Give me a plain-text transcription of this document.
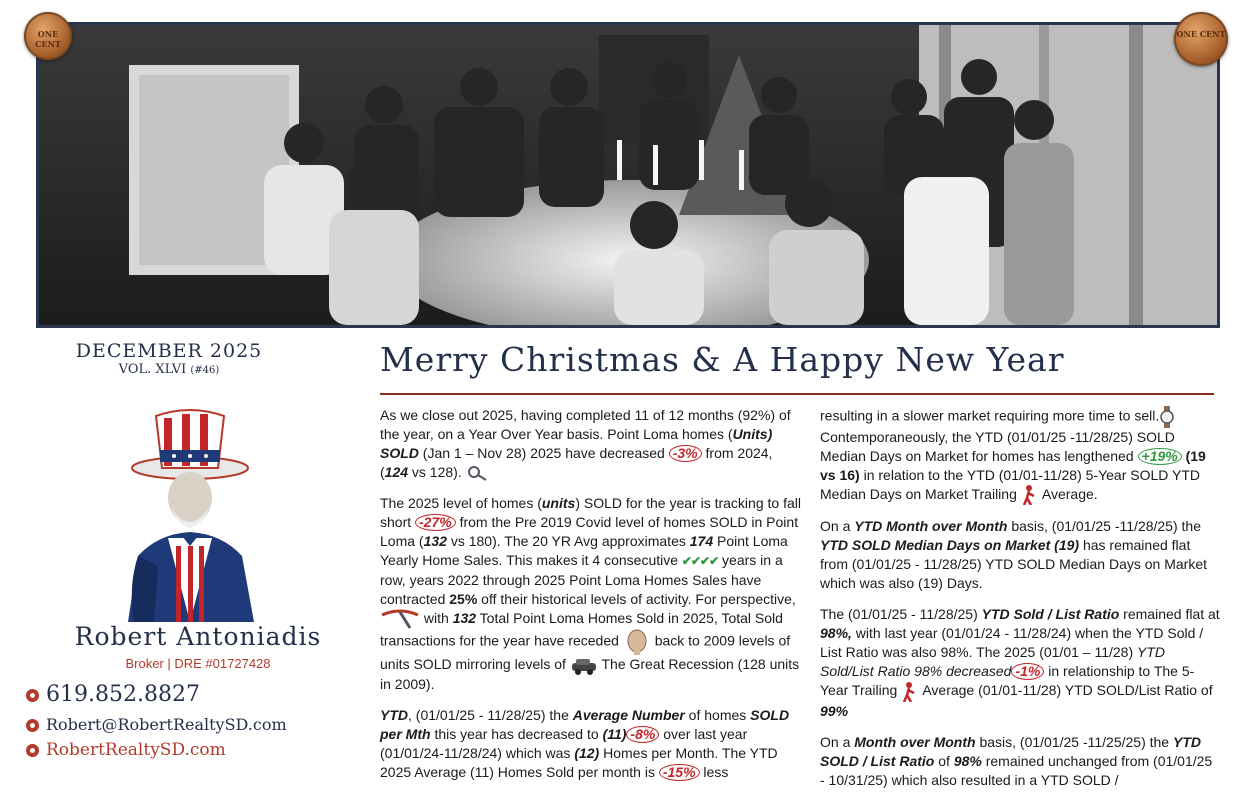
ONE CENT
ONE CENT
DECEMBER 2025
VOL. XLVI (#46)
Robert Antoniadis
Broker | DRE #01727428
619.852.8827
Robert@RobertRealtySD.com
RobertRealtySD.com
Merry Christmas & A Happy New Year

As we close out 2025, having completed 11 of 12 months (92%) of the year, on a Year Over Year basis. Point Loma homes (Units) SOLD (Jan 1 – Nov 28) 2025 have decreased -3% from 2024, (124 vs 128).

The 2025 level of homes (units) SOLD for the year is tracking to fall short -27% from the Pre 2019 Covid level of homes SOLD in Point Loma (132 vs 180). The 20 YR Avg approximates 174 Point Loma Yearly Home Sales. This makes it 4 consecutive ✔✔✔✔ years in a row, years 2022 through 2025 Point Loma Homes Sales have contracted 25% off their historical levels of activity. For perspective,  with 132 Total Point Loma Homes Sold in 2025, Total Sold transactions for the year have receded  back to 2009 levels of units SOLD mirroring levels of  The Great Recession (128 units in 2009).

YTD, (01/01/25 - 11/28/25) the Average Number of homes SOLD per Mth this year has decreased to (11) -8% over last year (01/01/24-11/28/24) which was (12) Homes per Month. The YTD 2025 Average (11) Homes Sold per month is -15% less

resulting in a slower market requiring more time to sell. Contemporaneously, the YTD (01/01/25 -11/28/25) SOLD Median Days on Market for homes has lengthened +19% (19 vs 16) in relation to the YTD (01/01-11/28) 5-Year SOLD YTD Median Days on Market Trailing  Average.

On a YTD Month over Month basis, (01/01/25 -11/28/25) the YTD SOLD Median Days on Market (19) has remained flat from (01/01/25 - 11/28/25) YTD SOLD Median Days on Market which was also (19) Days.

The (01/01/25 - 11/28/25) YTD Sold / List Ratio remained flat at 98%, with last year (01/01/24 - 11/28/24) when the YTD Sold / List Ratio was also 98%. The 2025 (01/01 – 11/28) YTD Sold/List Ratio 98% decreased -1% in relationship to The 5-Year Trailing  Average (01/01-11/28) YTD SOLD/List Ratio of 99%

On a Month over Month basis, (01/01/25 -11/25/25) the YTD SOLD / List Ratio of 98% remained unchanged from (01/01/25 - 10/31/25) which also resulted in a YTD SOLD /
